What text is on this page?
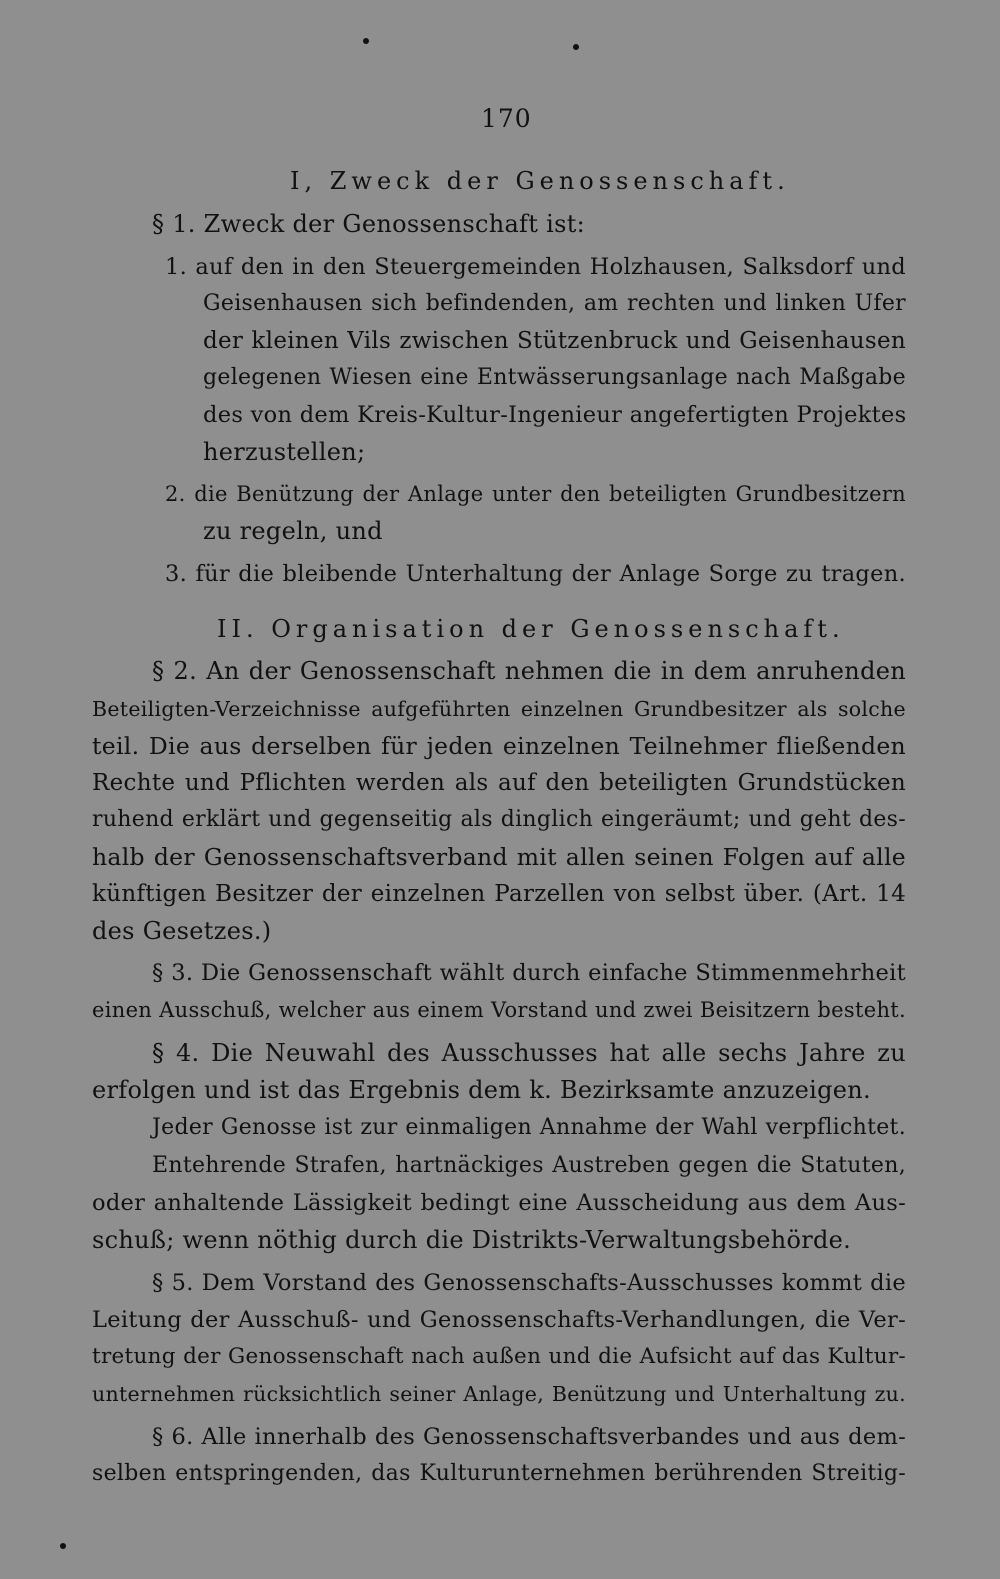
170

I, Zweck der Genossenschaft.

§ 1. Zweck der Genossenschaft ist:

1. auf den in den Steuergemeinden Holzhausen, Salksdorf und

Geisenhausen sich befindenden, am rechten und linken Ufer

der kleinen Vils zwischen Stützenbruck und Geisenhausen

gelegenen Wiesen eine Entwässerungsanlage nach Maßgabe

des von dem Kreis-Kultur-Ingenieur angefertigten Projektes

herzustellen;

2. die Benützung der Anlage unter den beteiligten Grundbesitzern

zu regeln, und

3. für die bleibende Unterhaltung der Anlage Sorge zu tragen.

II. Organisation der Genossenschaft.

§ 2. An der Genossenschaft nehmen die in dem anruhenden

Beteiligten-Verzeichnisse aufgeführten einzelnen Grundbesitzer als solche

teil. Die aus derselben für jeden einzelnen Teilnehmer fließenden

Rechte und Pflichten werden als auf den beteiligten Grundstücken

ruhend erklärt und gegenseitig als dinglich eingeräumt; und geht des-

halb der Genossenschaftsverband mit allen seinen Folgen auf alle

künftigen Besitzer der einzelnen Parzellen von selbst über. (Art. 14

des Gesetzes.)

§ 3. Die Genossenschaft wählt durch einfache Stimmenmehrheit

einen Ausschuß, welcher aus einem Vorstand und zwei Beisitzern besteht.

§ 4. Die Neuwahl des Ausschusses hat alle sechs Jahre zu

erfolgen und ist das Ergebnis dem k. Bezirksamte anzuzeigen.

Jeder Genosse ist zur einmaligen Annahme der Wahl verpflichtet.

Entehrende Strafen, hartnäckiges Austreben gegen die Statuten,

oder anhaltende Lässigkeit bedingt eine Ausscheidung aus dem Aus-

schuß; wenn nöthig durch die Distrikts-Verwaltungsbehörde.

§ 5. Dem Vorstand des Genossenschafts-Ausschusses kommt die

Leitung der Ausschuß- und Genossenschafts-Verhandlungen, die Ver-

tretung der Genossenschaft nach außen und die Aufsicht auf das Kultur-

unternehmen rücksichtlich seiner Anlage, Benützung und Unterhaltung zu.

§ 6. Alle innerhalb des Genossenschaftsverbandes und aus dem-

selben entspringenden, das Kulturunternehmen berührenden Streitig-
